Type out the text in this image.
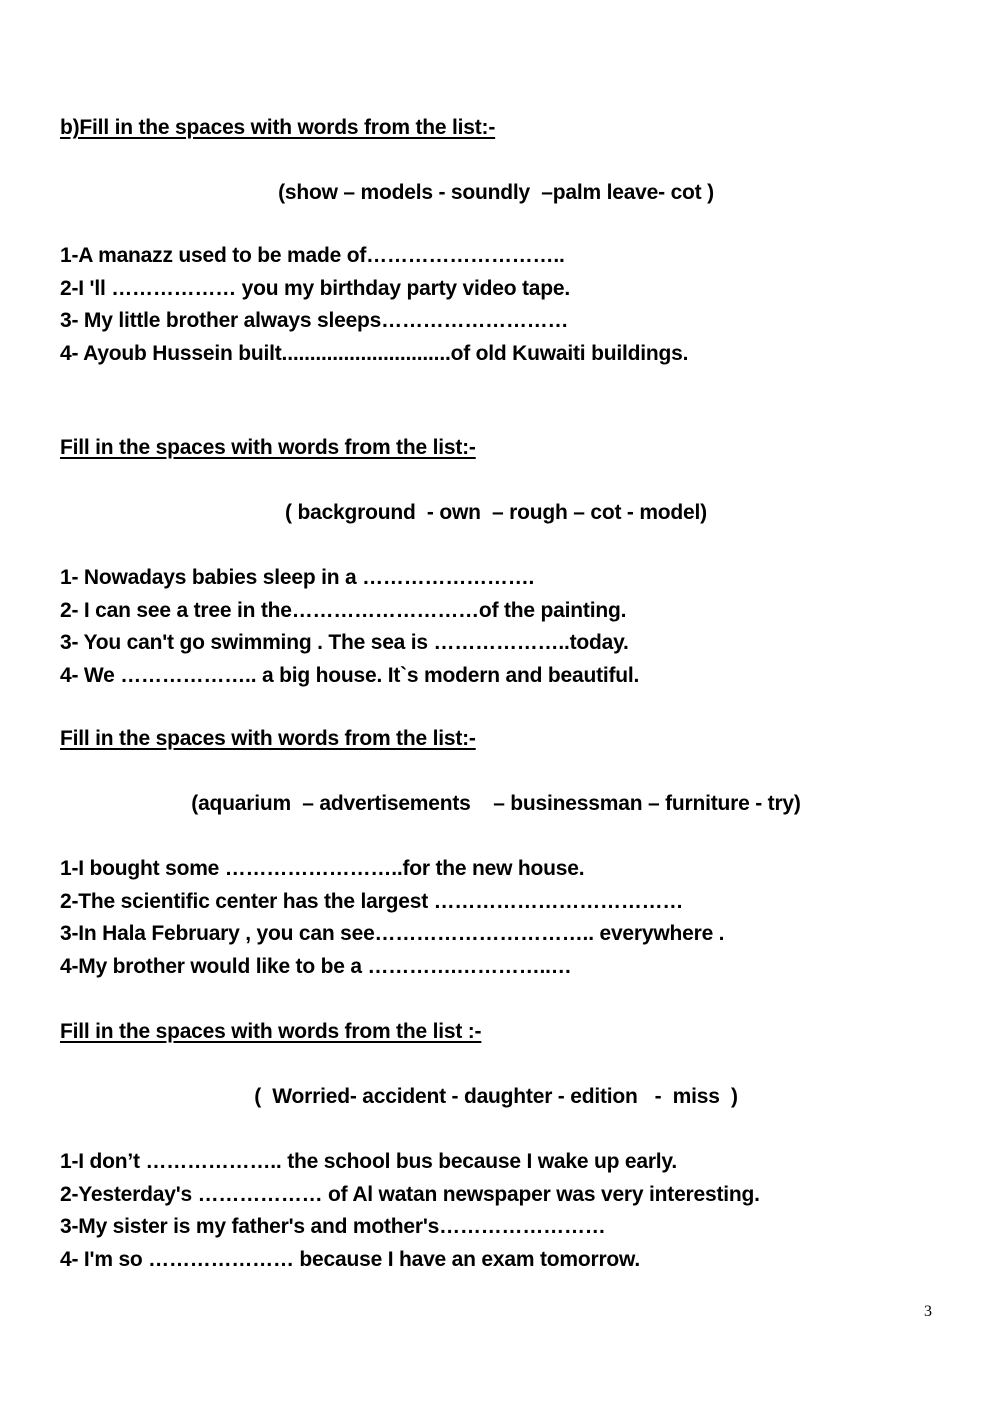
b)Fill in the spaces with words from the list:-
(show – models - soundly  –palm leave- cot )
1-A manazz used to be made of………………………..
2-I 'll ……………… you my birthday party video tape.
3- My little brother always sleeps………………………
4- Ayoub Hussein built..............................of old Kuwaiti buildings.
Fill in the spaces with words from the list:-
( background  - own  – rough – cot - model)
1- Nowadays babies sleep in a …………………….
2- I can see a tree in the………………………of the painting.
3- You can't go swimming . The sea is ………………..today.
4- We ……………….. a big house. It`s modern and beautiful.
Fill in the spaces with words from the list:-
(aquarium  – advertisements    – businessman – furniture - try)
1-I bought some ……………………..for the new house.
2-The scientific center has the largest ………………………………
3-In Hala February , you can see………………………….. everywhere .
4-My brother would like to be a ………….…………..…
Fill in the spaces with words from the list :-
(  Worried- accident - daughter - edition   -  miss  )
1-I don’t ……………….. the school bus because I wake up early.
2-Yesterday's ……………… of Al watan newspaper was very interesting.
3-My sister is my father's and mother's……………………
4- I'm so ………………… because I have an exam tomorrow.
3
